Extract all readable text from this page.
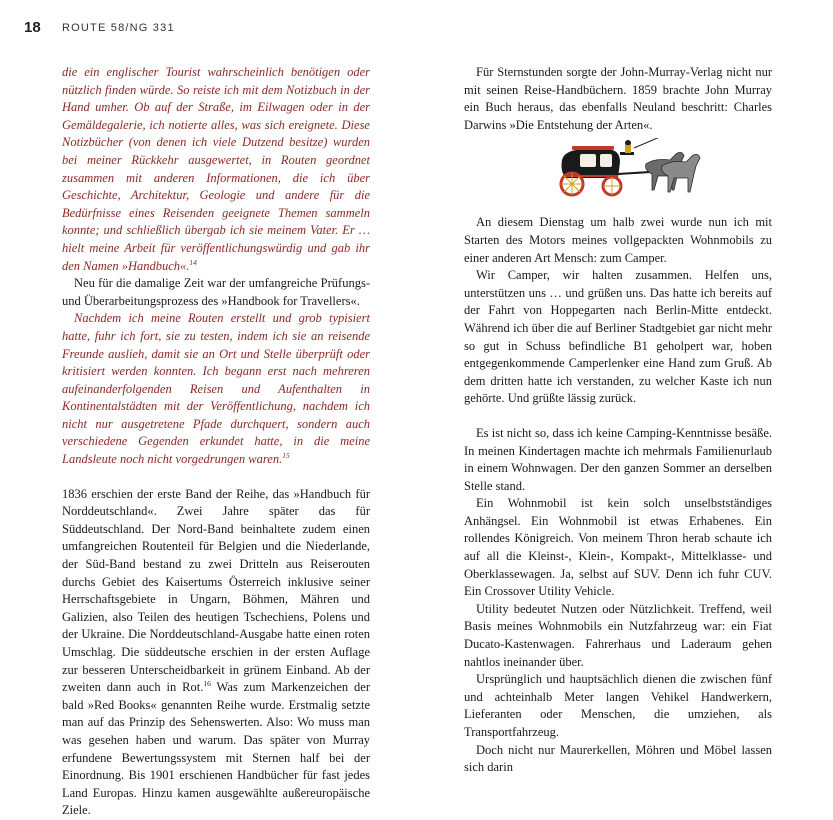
18 ROUTE 58/NG 331

die ein englischer Tourist wahrscheinlich benötigen oder nützlich finden würde. So reiste ich mit dem Notizbuch in der Hand umher. Ob auf der Straße, im Eilwagen oder in der Gemäldegalerie, ich notierte alles, was sich ereignete. Diese Notizbücher (von denen ich viele Dutzend besitze) wurden bei meiner Rückkehr ausgewertet, in Routen geordnet zusammen mit anderen Informationen, die ich über Geschichte, Architektur, Geologie und andere für die Bedürfnisse eines Reisenden geeignete Themen sammeln konnte; und schließlich übergab ich sie meinem Vater. Er … hielt meine Arbeit für veröffentlichungswürdig und gab ihr den Namen »Handbuch«.$^{14}$

Neu für die damalige Zeit war der umfangreiche Prüfungs- und Überarbeitungsprozess des »Handbook for Travellers«.

Nachdem ich meine Routen erstellt und grob typisiert hatte, fuhr ich fort, sie zu testen, indem ich sie an reisende Freunde auslieh, damit sie an Ort und Stelle überprüft oder kritisiert werden konnten. Ich begann erst nach mehreren aufeinanderfolgenden Reisen und Aufenthalten in Kontinentalstädten mit der Veröffentlichung, nachdem ich nicht nur ausgetretene Pfade durchquert, sondern auch verschiedene Gegenden erkundet hatte, in die meine Landsleute noch nicht vorgedrungen waren.$^{15}$

1836 erschien der erste Band der Reihe, das »Handbuch für Norddeutschland«. Zwei Jahre später das für Süddeutschland. Der Nord-Band beinhaltete zudem einen umfangreichen Routenteil für Belgien und die Niederlande, der Süd-Band bestand zu zwei Dritteln aus Reiserouten durchs Gebiet des Kaisertums Österreich inklusive seiner Herrschaftsgebiete in Ungarn, Böhmen, Mähren und Galizien, also Teilen des heutigen Tschechiens, Polens und der Ukraine. Die Norddeutschland-Ausgabe hatte einen roten Umschlag. Die süddeutsche erschien in der ersten Auflage zur besseren Unterscheidbarkeit in grünem Einband. Ab der zweiten dann auch in Rot.$^{16}$ Was zum Markenzeichen der bald »Red Books« genannten Reihe wurde. Erstmalig setzte man auf das Prinzip des Sehenswerten. Also: Wo muss man was gesehen haben und warum. Das später von Murray erfundene Bewertungssystem mit Sternen half bei der Einordnung. Bis 1901 erschienen Handbücher für fast jedes Land Europas. Hinzu kamen ausgewählte außereuropäische Ziele.

Für Sternstunden sorgte der John-Murray-Verlag nicht nur mit seinen Reise-Handbüchern. 1859 brachte John Murray ein Buch heraus, das ebenfalls Neuland beschritt: Charles Darwins »Die Entstehung der Arten«.

An diesem Dienstag um halb zwei wurde nun ich mit Starten des Motors meines vollgepackten Wohnmobils zu einer anderen Art Mensch: zum Camper.

Wir Camper, wir halten zusammen. Helfen uns, unterstützen uns … und grüßen uns. Das hatte ich bereits auf der Fahrt von Hoppegarten nach Berlin-Mitte entdeckt. Während ich über die auf Berliner Stadtgebiet gar nicht mehr so gut in Schuss befindliche B1 geholpert war, hoben entgegenkommende Camperlenker eine Hand zum Gruß. Ab dem dritten hatte ich verstanden, zu welcher Kaste ich nun gehörte. Und grüßte lässig zurück.

Es ist nicht so, dass ich keine Camping-Kenntnisse besäße. In meinen Kindertagen machte ich mehrmals Familienurlaub in einem Wohnwagen. Der den ganzen Sommer an derselben Stelle stand.

Ein Wohnmobil ist kein solch unselbstständiges Anhängsel. Ein Wohnmobil ist etwas Erhabenes. Ein rollendes Königreich. Von meinem Thron herab schaute ich auf all die Kleinst-, Klein-, Kompakt-, Mittelklasse- und Oberklassewagen. Ja, selbst auf SUV. Denn ich fuhr CUV. Ein Crossover Utility Vehicle.

Utility bedeutet Nutzen oder Nützlichkeit. Treffend, weil Basis meines Wohnmobils ein Nutzfahrzeug war: ein Fiat Ducato-Kastenwagen. Fahrerhaus und Laderaum gehen nahtlos ineinander über.

Ursprünglich und hauptsächlich dienen die zwischen fünf und achteinhalb Meter langen Vehikel Handwerkern, Lieferanten oder Menschen, die umziehen, als Transportfahrzeug.

Doch nicht nur Maurerkellen, Möhren und Möbel lassen sich darin
